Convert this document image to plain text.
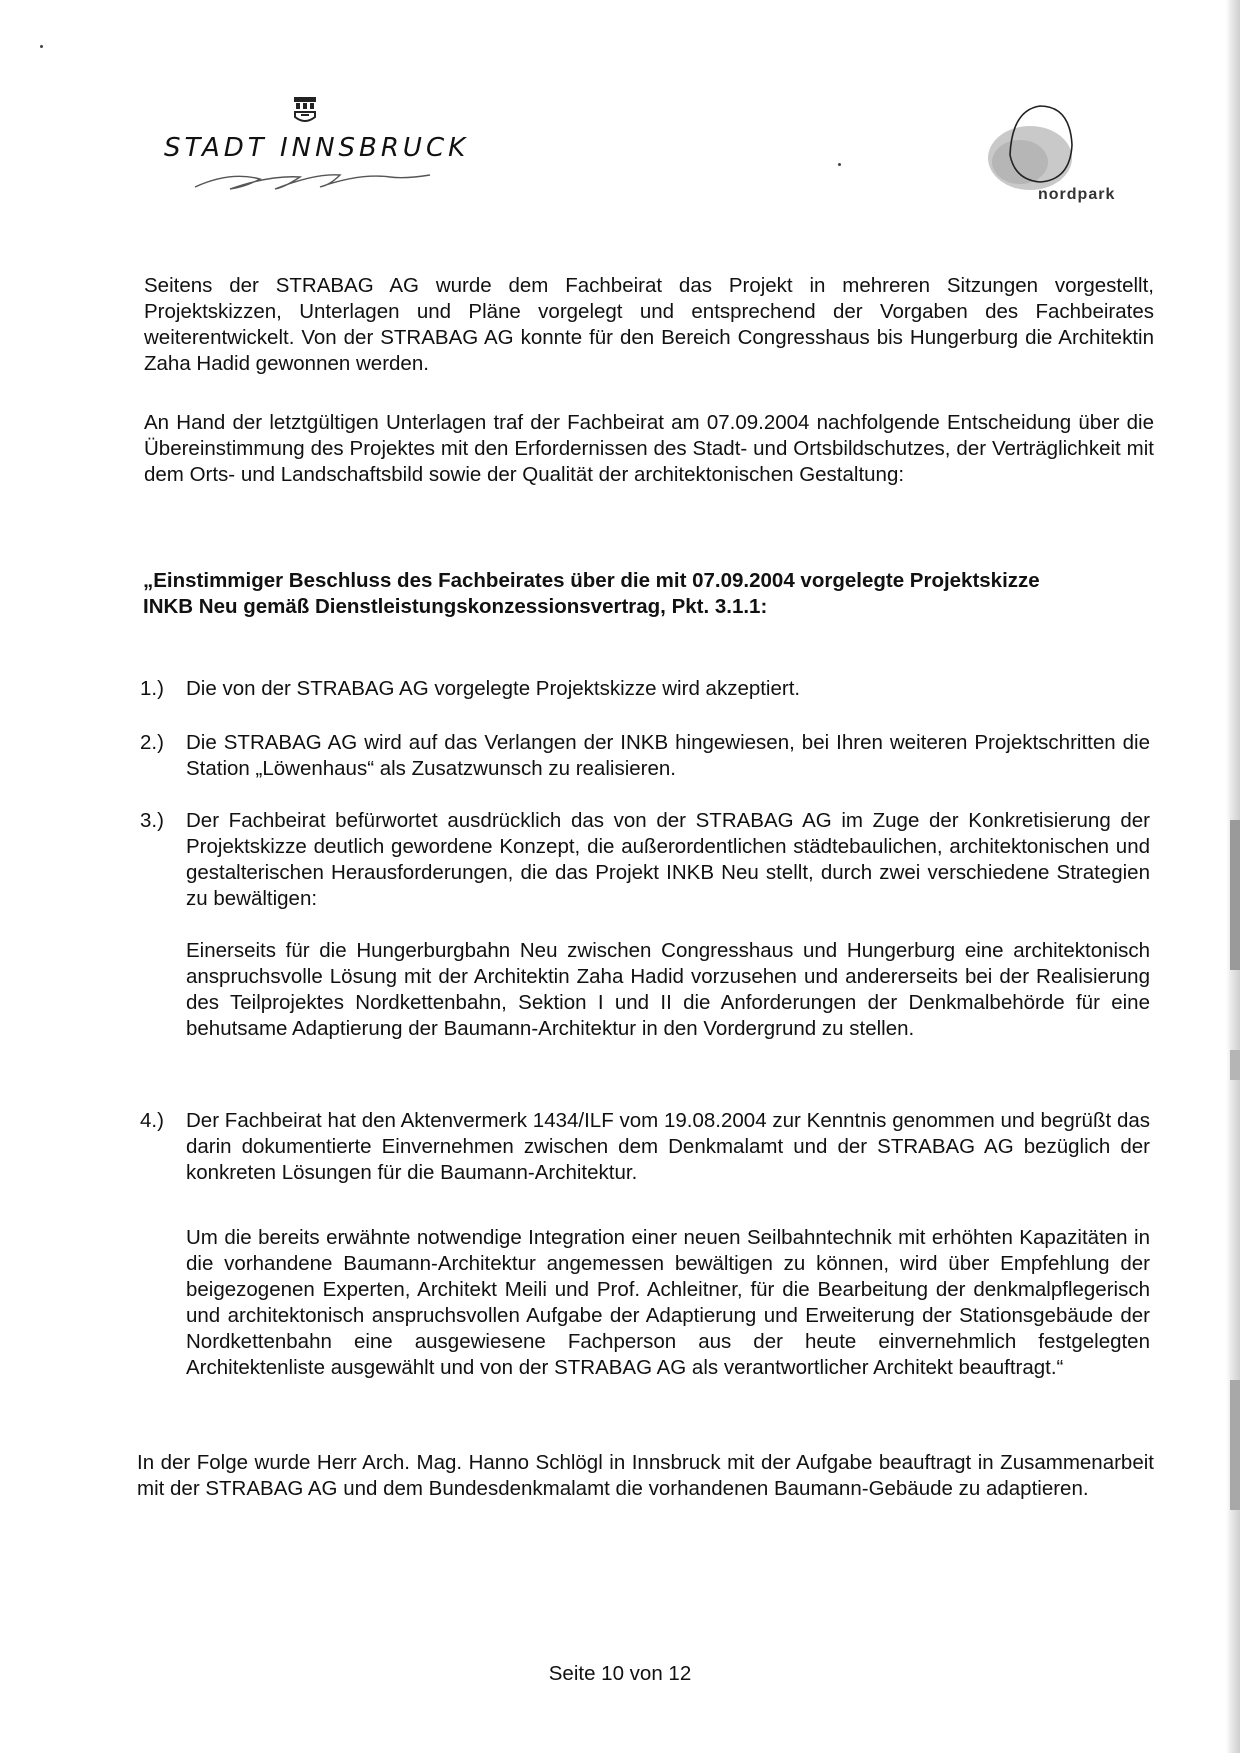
STADT INNSBRUCK
nordpark

Seitens der STRABAG AG wurde dem Fachbeirat das Projekt in mehreren Sitzungen vorgestellt, Projektskizzen, Unterlagen und Pläne vorgelegt und entsprechend der Vorgaben des Fachbeirates weiterentwickelt. Von der STRABAG AG konnte für den Bereich Congresshaus bis Hungerburg die Architektin Zaha Hadid gewonnen werden.

An Hand der letztgültigen Unterlagen traf der Fachbeirat am 07.09.2004 nachfolgende Entscheidung über die Übereinstimmung des Projektes mit den Erfordernissen des Stadt- und Ortsbildschutzes, der Verträglichkeit mit dem Orts- und Landschaftsbild sowie der Qualität der architektonischen Gestaltung:

„Einstimmiger Beschluss des Fachbeirates über die mit 07.09.2004 vorgelegte Projektskizze INKB Neu gemäß Dienstleistungskonzessionsvertrag, Pkt. 3.1.1:

1.) Die von der STRABAG AG vorgelegte Projektskizze wird akzeptiert.

2.) Die STRABAG AG wird auf das Verlangen der INKB hingewiesen, bei Ihren weiteren Projektschritten die Station „Löwenhaus“ als Zusatzwunsch zu realisieren.

3.) Der Fachbeirat befürwortet ausdrücklich das von der STRABAG AG im Zuge der Konkretisierung der Projektskizze deutlich gewordene Konzept, die außerordentlichen städtebaulichen, architektonischen und gestalterischen Herausforderungen, die das Projekt INKB Neu stellt, durch zwei verschiedene Strategien zu bewältigen:

Einerseits für die Hungerburgbahn Neu zwischen Congresshaus und Hungerburg eine architektonisch anspruchsvolle Lösung mit der Architektin Zaha Hadid vorzusehen und andererseits bei der Realisierung des Teilprojektes Nordkettenbahn, Sektion I und II die Anforderungen der Denkmalbehörde für eine behutsame Adaptierung der Baumann-Architektur in den Vordergrund zu stellen.

4.) Der Fachbeirat hat den Aktenvermerk 1434/ILF vom 19.08.2004 zur Kenntnis genommen und begrüßt das darin dokumentierte Einvernehmen zwischen dem Denkmalamt und der STRABAG AG bezüglich der konkreten Lösungen für die Baumann-Architektur.

Um die bereits erwähnte notwendige Integration einer neuen Seilbahntechnik mit erhöhten Kapazitäten in die vorhandene Baumann-Architektur angemessen bewältigen zu können, wird über Empfehlung der beigezogenen Experten, Architekt Meili und Prof. Achleitner, für die Bearbeitung der denkmalpflegerisch und architektonisch anspruchsvollen Aufgabe der Adaptierung und Erweiterung der Stationsgebäude der Nordkettenbahn eine ausgewiesene Fachperson aus der heute einvernehmlich festgelegten Architektenliste ausgewählt und von der STRABAG AG als verantwortlicher Architekt beauftragt.“

In der Folge wurde Herr Arch. Mag. Hanno Schlögl in Innsbruck mit der Aufgabe beauftragt in Zusammenarbeit mit der STRABAG AG und dem Bundesdenkmalamt die vorhandenen Baumann-Gebäude zu adaptieren.

Seite 10 von 12
